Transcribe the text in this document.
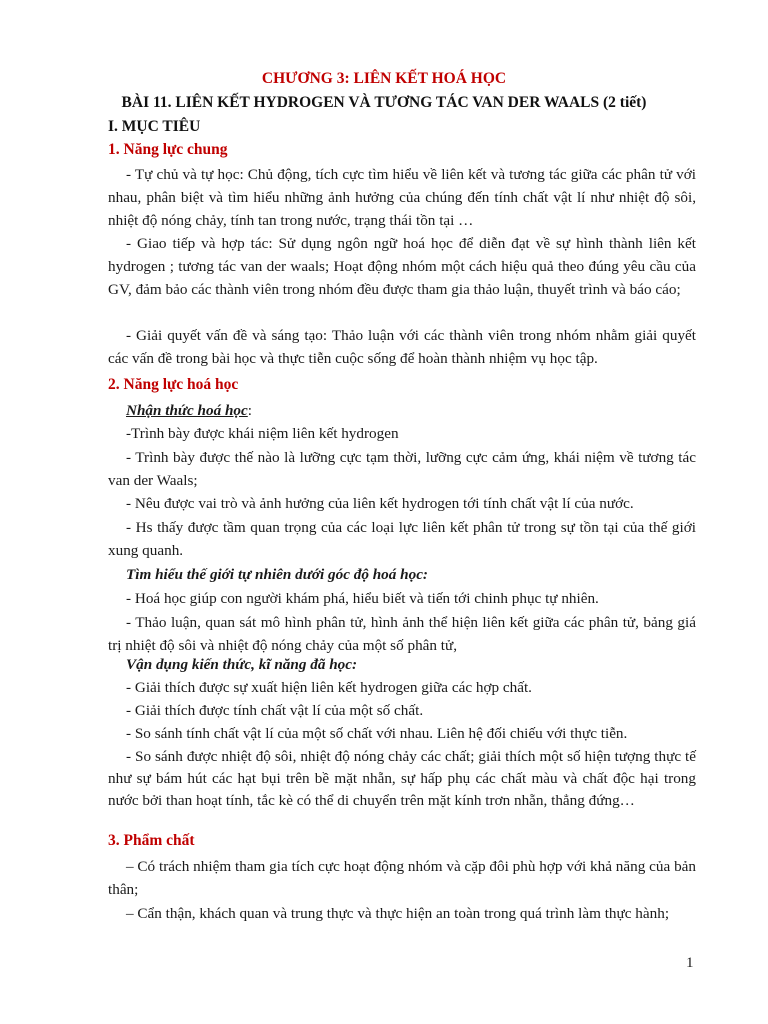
CHƯƠNG 3: LIÊN KẾT HOÁ HỌC
BÀI 11. LIÊN KẾT HYDROGEN VÀ TƯƠNG TÁC VAN DER WAALS (2 tiết)
I. MỤC TIÊU
1. Năng lực chung
- Tự chủ và tự học: Chủ động, tích cực tìm hiểu về liên kết và tương tác giữa các phân tử với nhau, phân biệt và tìm hiểu những ảnh hưởng của chúng đến tính chất vật lí như nhiệt độ sôi, nhiệt độ nóng chảy, tính tan trong nước, trạng thái tồn tại …
- Giao tiếp và hợp tác: Sử dụng ngôn ngữ hoá học để diễn đạt về sự hình thành liên kết hydrogen ; tương tác van der waals; Hoạt động nhóm một cách hiệu quả theo đúng yêu cầu của GV, đảm bảo các thành viên trong nhóm đều được tham gia thảo luận, thuyết trình và báo cáo;
- Giải quyết vấn đề và sáng tạo: Thảo luận với các thành viên trong nhóm nhằm giải quyết các vấn đề trong bài học và thực tiễn cuộc sống để hoàn thành nhiệm vụ học tập.
2. Năng lực hoá học
Nhận thức hoá học:
-Trình bày được khái niệm liên kết hydrogen
- Trình bày được thế nào là lưỡng cực tạm thời, lưỡng cực cảm ứng, khái niệm về tương tác van der Waals;
- Nêu được vai trò và ảnh hưởng của liên kết hydrogen tới tính chất vật lí của nước.
- Hs thấy được tầm quan trọng của các loại lực liên kết phân tử trong sự tồn tại của thế giới xung quanh.
Tìm hiểu thế giới tự nhiên dưới góc độ hoá học:
- Hoá học giúp con người khám phá, hiểu biết và tiến tới chinh phục tự nhiên.
- Thảo luận, quan sát mô hình phân tử, hình ảnh thể hiện liên kết giữa các phân tử, bảng giá trị nhiệt độ sôi và nhiệt độ nóng chảy của một số phân tử,
Vận dụng kiến thức, kĩ năng đã học:
- Giải thích được sự xuất hiện liên kết hydrogen giữa các hợp chất.
- Giải thích được tính chất vật lí của một số chất.
- So sánh tính chất vật lí của một số chất với nhau. Liên hệ đối chiếu với thực tiễn.
- So sánh được nhiệt độ sôi, nhiệt độ nóng chảy các chất; giải thích một số hiện tượng thực tế như sự bám hút các hạt bụi trên bề mặt nhẵn, sự hấp phụ các chất màu và chất độc hại trong nước bởi than hoạt tính, tắc kè có thể di chuyển trên mặt kính trơn nhẵn, thẳng đứng…
3. Phẩm chất
– Có trách nhiệm tham gia tích cực hoạt động nhóm và cặp đôi phù hợp với khả năng của bản thân;
– Cẩn thận, khách quan và trung thực và thực hiện an toàn trong quá trình làm thực hành;
1
